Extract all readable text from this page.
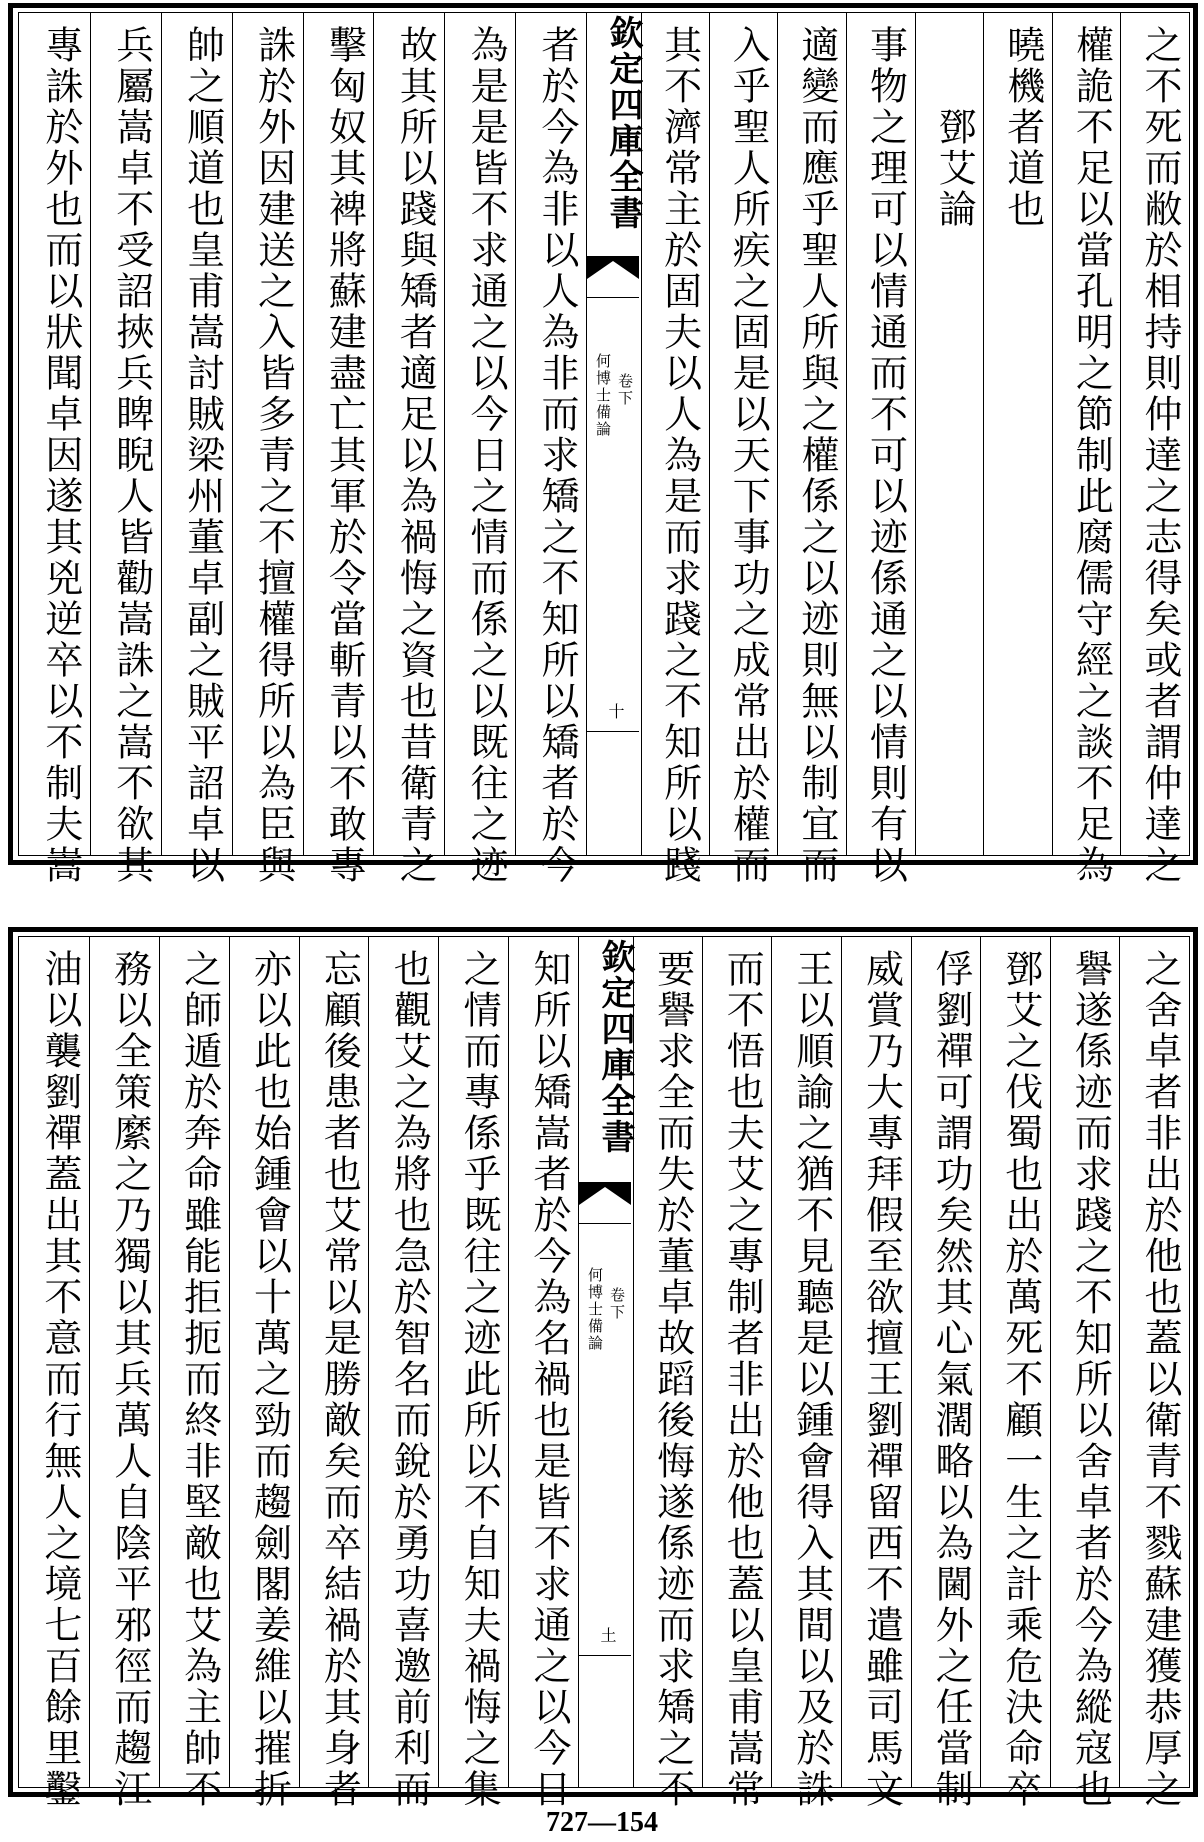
之不死而敝於相持則仲達之志得矣或者謂仲達之
權詭不足以當孔明之節制此腐儒守經之談不足為
曉機者道也
　　鄧艾論
事物之理可以情通而不可以迹係通之以情則有以
適變而應乎聖人所與之權係之以迹則無以制宜而
入乎聖人所疾之固是以天下事功之成常出於權而
其不濟常主於固夫以人為是而求踐之不知所以踐
者於今為非以人為非而求矯之不知所以矯者於今
為是是皆不求通之以今日之情而係之以既往之迹
故其所以踐與矯者適足以為禍悔之資也昔衛青之
擊匈奴其裨將蘇建盡亡其軍於令當斬青以不敢專
誅於外因建送之入皆多青之不擅權得所以為臣與
帥之順道也皇甫嵩討賊梁州董卓副之賊平詔卓以
兵屬嵩卓不受詔挾兵睥睨人皆勸嵩誅之嵩不欲其
專誅於外也而以狀聞卓因遂其兇逆卒以不制夫嵩	欽定四庫全書
何博士備論 卷下
十
之舍卓者非出於他也蓋以衛青不戮蘇建獲恭厚之
譽遂係迹而求踐之不知所以舍卓者於今為縱寇也
鄧艾之伐蜀也出於萬死不顧一生之計乘危決命卒
俘劉禪可謂功矣然其心氣濶略以為閫外之任當制
威賞乃大專拜假至欲擅王劉禪留西不遣雖司馬文
王以順諭之猶不見聽是以鍾會得入其間以及於誅
而不悟也夫艾之專制者非出於他也蓋以皇甫嵩常
要譽求全而失於董卓故蹈後悔遂係迹而求矯之不
知所以矯嵩者於今為名禍也是皆不求通之以今日
之情而專係乎既往之迹此所以不自知夫禍悔之集
也觀艾之為將也急於智名而銳於勇功喜邀前利而
忘顧後患者也艾常以是勝敵矣而卒結禍於其身者
亦以此也始鍾會以十萬之勁而趨劍閣姜維以摧折
之師遁於奔命雖能拒扼而終非堅敵也艾為主帥不
務以全策縻之乃獨以其兵萬人自陰平邪徑而趨江
油以襲劉禪蓋出其不意而行無人之境七百餘里鑿	欽定四庫全書
何博士備論 卷下
土
727—154
